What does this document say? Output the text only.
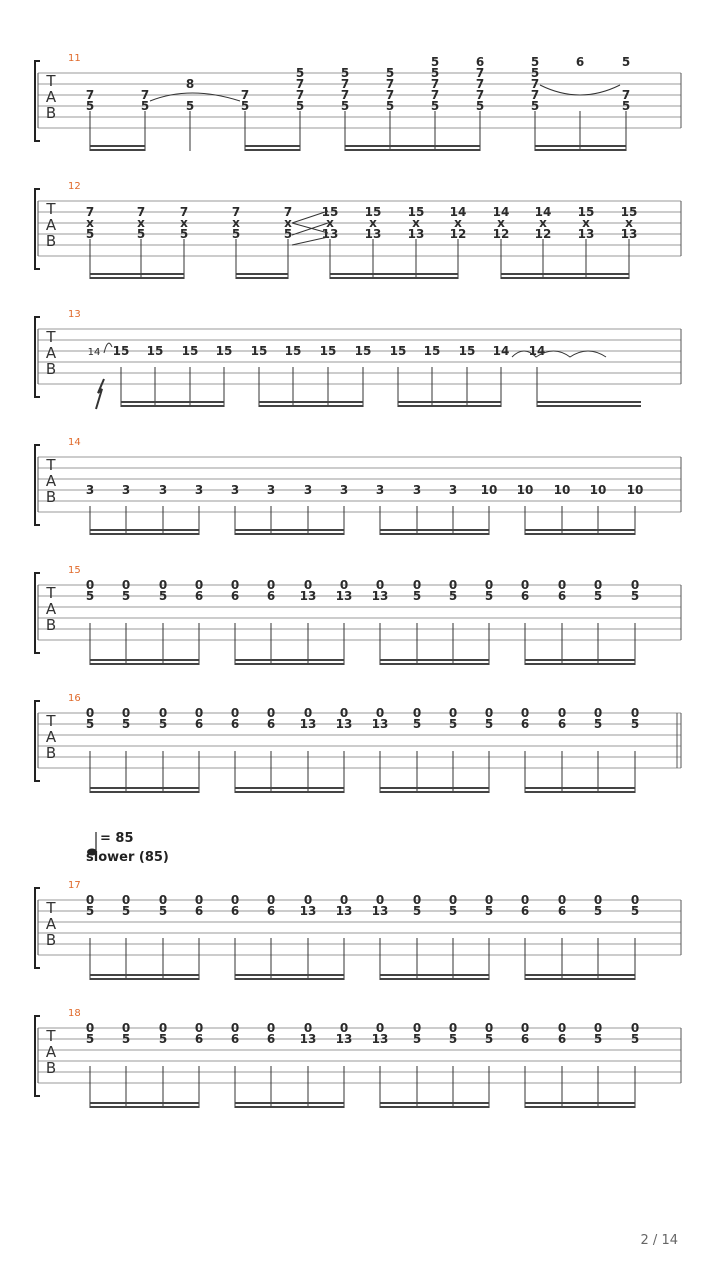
= 85
slower (85)
2 / 14
T
A
B
11
7
5
7
5
8
5
7
5
7
7
5
5
7
7
5
5
7
7
5
5
7
7
5
5
5
7
7
5
6
7
7
7
5
5
5
6
7
5
5
T
A
B
12
7
x
5
7
x
5
7
x
5
7
x
5
7
x
5
15
x
13
15
x
13
15
x
13
14
x
12
14
x
12
14
x
12
15
x
13
15
x
13
T
A
B
13
15 15 15 15 15 15 15 15 15 15 15 14 14
14
T
A
B
14
3 3 3 3 3 3 3 3 3 3 3 10 10 10 10 10
T
A
B
15
5
0
5
0
5
0
6
0
6
0
6
0
13
0
13
0
13
0
5
0
5
0
5
0
6
0
6
0
5
0
5
0
T
A
B
16
5
0
5
0
5
0
6
0
6
0
6
0
13
0
13
0
13
0
5
0
5
0
5
0
6
0
6
0
5
0
5
0
T
A
B
17
5
0
5
0
5
0
6
0
6
0
6
0
13
0
13
0
13
0
5
0
5
0
5
0
6
0
6
0
5
0
5
0
T
A
B
18
5
0
5
0
5
0
6
0
6
0
6
0
13
0
13
0
13
0
5
0
5
0
5
0
6
0
6
0
5
0
5
0
